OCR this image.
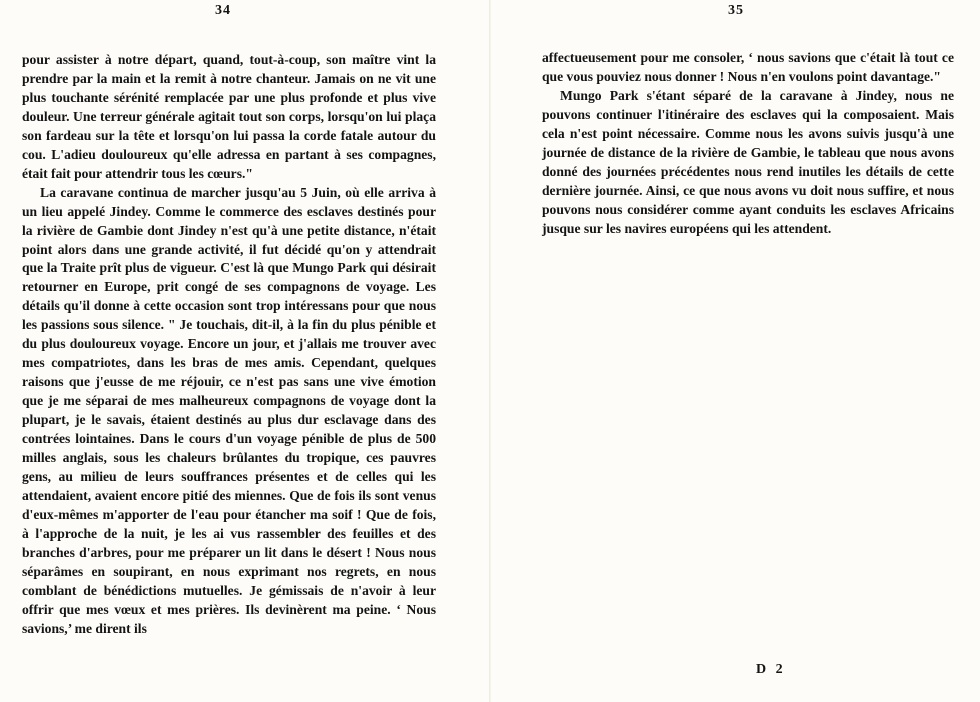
34

pour assister à notre départ, quand, tout-à-coup, son maître vint la prendre par la main et la remit à notre chanteur. Jamais on ne vit une plus touchante sérénité remplacée par une plus profonde et plus vive douleur. Une terreur générale agitait tout son corps, lorsqu'on lui plaça son fardeau sur la tête et lorsqu'on lui passa la corde fatale autour du cou. L'adieu douloureux qu'elle adressa en partant à ses compagnes, était fait pour attendrir tous les cœurs."

La caravane continua de marcher jusqu'au 5 Juin, où elle arriva à un lieu appelé Jindey. Comme le commerce des esclaves destinés pour la rivière de Gambie dont Jindey n'est qu'à une petite distance, n'était point alors dans une grande activité, il fut décidé qu'on y attendrait que la Traite prît plus de vigueur. C'est là que Mungo Park qui désirait retourner en Europe, prit congé de ses compagnons de voyage. Les détails qu'il donne à cette occasion sont trop intéressans pour que nous les passions sous silence. " Je touchais, dit-il, à la fin du plus pénible et du plus douloureux voyage. Encore un jour, et j'allais me trouver avec mes compatriotes, dans les bras de mes amis. Cependant, quelques raisons que j'eusse de me réjouir, ce n'est pas sans une vive émotion que je me séparai de mes malheureux compagnons de voyage dont la plupart, je le savais, étaient destinés au plus dur esclavage dans des contrées lointaines. Dans le cours d'un voyage pénible de plus de 500 milles anglais, sous les chaleurs brûlantes du tropique, ces pauvres gens, au milieu de leurs souffrances présentes et de celles qui les attendaient, avaient encore pitié des miennes. Que de fois ils sont venus d'eux-mêmes m'apporter de l'eau pour étancher ma soif ! Que de fois, à l'approche de la nuit, je les ai vus rassembler des feuilles et des branches d'arbres, pour me préparer un lit dans le désert ! Nous nous séparâmes en soupirant, en nous exprimant nos regrets, en nous comblant de bénédictions mutuelles. Je gémissais de n'avoir à leur offrir que mes vœux et mes prières. Ils devinèrent ma peine. ‘ Nous savions,’ me dirent ils

35

affectueusement pour me consoler, ‘ nous savions que c'était là tout ce que vous pouviez nous donner ! Nous n'en voulons point davantage."

Mungo Park s'étant séparé de la caravane à Jindey, nous ne pouvons continuer l'itinéraire des esclaves qui la composaient. Mais cela n'est point nécessaire. Comme nous les avons suivis jusqu'à une journée de distance de la rivière de Gambie, le tableau que nous avons donné des journées précédentes nous rend inutiles les détails de cette dernière journée. Ainsi, ce que nous avons vu doit nous suffire, et nous pouvons nous considérer comme ayant conduits les esclaves Africains jusque sur les navires européens qui les attendent.

D 2
